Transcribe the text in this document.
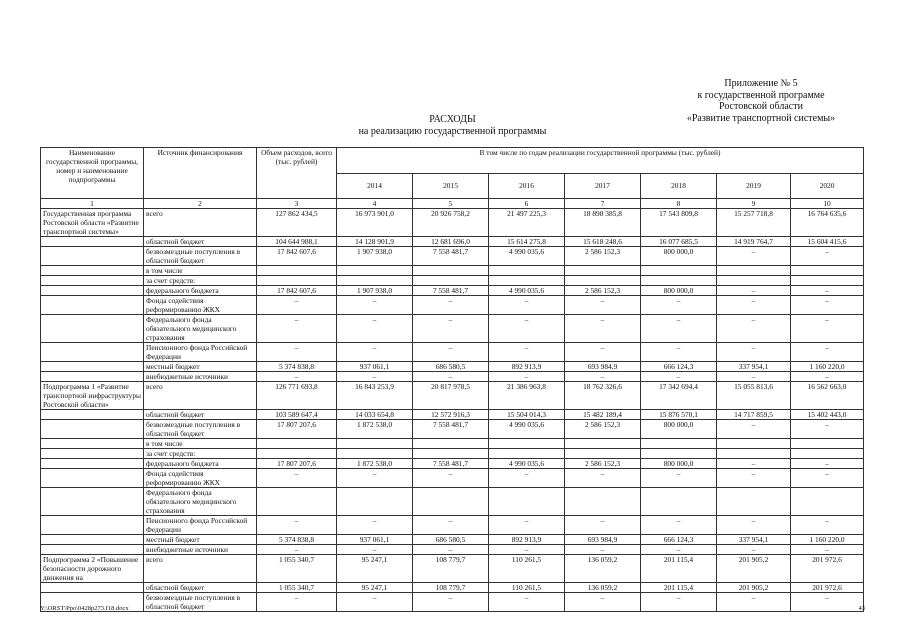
Приложение № 5
к государственной программе
Ростовской области
«Развитие транспортной системы»
РАСХОДЫ
на реализацию государственной программы
Наименование государственной программы, номер и наименование подпрограммы	Источник финансирования	Объем расходов, всего (тыс. рублей)	В том числе по годам реализации государственной программы (тыс. рублей)						
			2014	2015	2016	2017	2018	2019	2020
1	2	3	4	5	6	7	8	9	10
Государственная программа Ростовской области «Развитие транспортной системы»	всего	127 862 434,5	16 973 901,0	20 926 758,2	21 497 225,3	18 898 385,8	17 543 809,8	15 257 718,8	16 764 635,6
	областной бюджет	104 644 988,1	14 128 901,9	12 681 696,0	15 614 275,8	15 618 248,6	16 077 685,5	14 919 764,7	15 604 415,6
	безвозмездные поступления в областной бюджет	17 842 607,6	1 907 938,0	7 558 481,7	4 990 035,6	2 586 152,3	800 000,0	–	–
	в том числе								
	за счет средств:								
	федерального бюджета	17 842 607,6	1 907 938,0	7 558 481,7	4 990 035,6	2 586 152,3	800 000,0	–	–
	Фонда содействия реформированию ЖКХ	–	–	–	–	–	–	–	–
	Федерального фонда обязательного медицинского страхования	–	–	–	–	–	–	–	–
	Пенсионного фонда Российской Федерации	–	–	–	–	–	–	–	–
	местный бюджет	5 374 838,8	937 061,1	686 580,5	892 913,9	693 984,9	666 124,3	337 954,1	1 160 220,0
	внебюджетные источники	–	–	–	–	–	–	–	–
Подпрограмма 1 «Развитие транспортной инфраструктуры Ростовской области»	всего	126 771 693,8	16 843 253,9	20 817 978,5	21 386 963,8	18 762 326,6	17 342 694,4	15 055 813,6	16 562 663,0
	областной бюджет	103 589 647,4	14 033 654,8	12 572 916,3	15 504 014,3	15 482 189,4	15 876 570,1	14 717 859,5	15 402 443,0
	безвозмездные поступления в областной бюджет	17 807 207,6	1 872 538,0	7 558 481,7	4 990 035,6	2 586 152,3	800 000,0	–	–
	в том числе								
	за счет средств:								
	федерального бюджета	17 807 207,6	1 872 538,0	7 558 481,7	4 990 035,6	2 586 152,3	800 000,0	–	–
	Фонда содействия реформированию ЖКХ	–	–	–	–	–	–	–	–
	Федерального фонда обязательного медицинского страхования								
	Пенсионного фонда Российской Федерации	–	–	–	–	–	–	–	–
	местный бюджет	5 374 838,8	937 061,1	686 580,5	892 913,9	693 984,9	666 124,3	337 954,1	1 160 220,0
	внебюджетные источники	–	–	–	–	–	–	–	–
Подпрограмма 2 «Повышение безопасности дорожного движения на	всего	1 055 340,7	95 247,1	108 779,7	110 261,5	136 059,2	201 115,4	201 905,2	201 972,6
	областной бюджет	1 055 340,7	95 247,1	108 779,7	110 261,5	136 059,2	201 115,4	201 905,2	201 972,6
	безвозмездные поступления в областной бюджет	–	–	–	–	–	–	–	–
Y:\ORST\Ppo\0428p273.f18.docx	43
